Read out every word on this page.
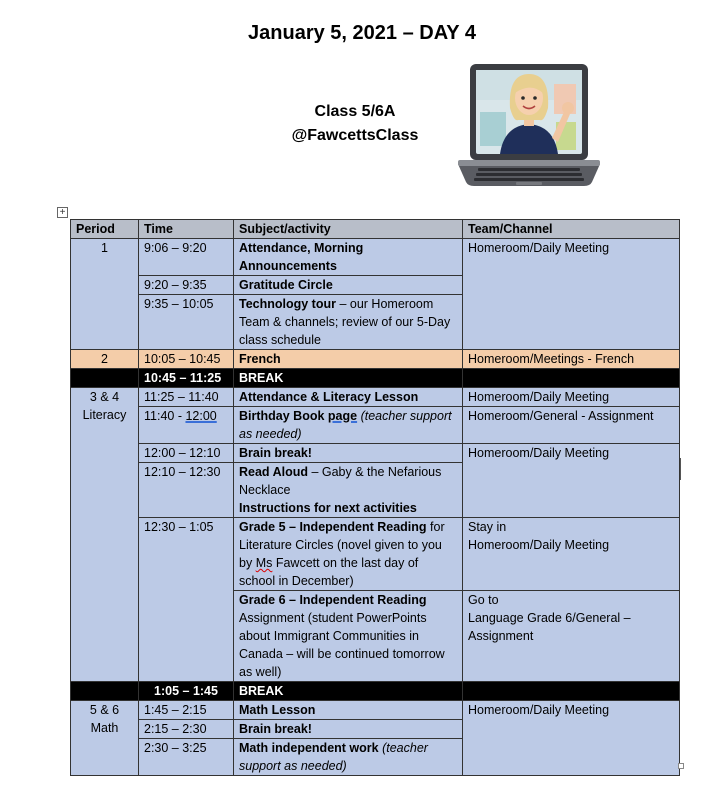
January 5, 2021 – DAY 4
Class 5/6A
@FawcettsClass
+
Period	Time	Subject/activity	Team/Channel
1	9:06 – 9:20	Attendance, Morning Announcements	Homeroom/Daily Meeting
	9:20 – 9:35	Gratitude Circle	
	9:35 – 10:05	Technology tour – our Homeroom Team & channels; review of our 5-Day class schedule	
2	10:05 – 10:45	French	Homeroom/Meetings - French
	10:45 – 11:25	BREAK	

3 & 4
Literacy	11:25 – 11:40	Attendance & Literacy Lesson	Homeroom/Daily Meeting
	11:40 - 12:00	Birthday Book page (teacher support as needed)	Homeroom/General - Assignment
	12:00 – 12:10	Brain break!	Homeroom/Daily Meeting
	12:10 – 12:30	Read Aloud – Gaby & the Nefarious Necklace
Instructions for next activities	
	12:30 – 1:05	Grade 5 – Independent Reading for Literature Circles (novel given to you by Ms Fawcett on the last day of school in December)	Stay in
Homeroom/Daily Meeting

		Grade 6 – Independent Reading Assignment (student PowerPoints about Immigrant Communities in Canada – will be continued tomorrow as well)	Go to
Language Grade 6/General – Assignment

	1:05 – 1:45	BREAK	

5 & 6
Math	1:45 – 2:15	Math Lesson	Homeroom/Daily Meeting
	2:15 – 2:30	Brain break!	
	2:30 – 3:25	Math independent work (teacher support as needed)	
